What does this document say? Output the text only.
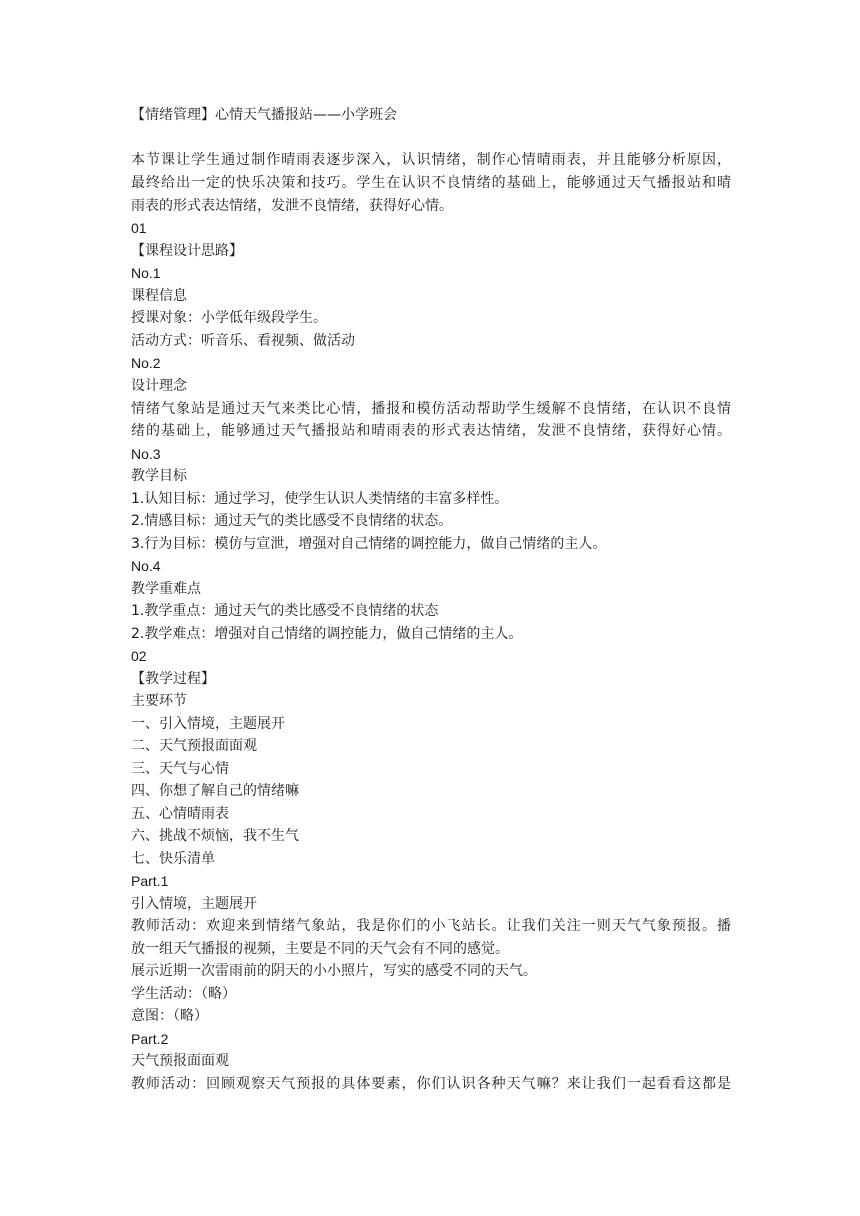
【情绪管理】心情天气播报站——小学班会
本节课让学生通过制作晴雨表逐步深入，认识情绪，制作心情晴雨表，并且能够分析原因，
最终给出一定的快乐决策和技巧。学生在认识不良情绪的基础上，能够通过天气播报站和晴
雨表的形式表达情绪，发泄不良情绪，获得好心情。
01
【课程设计思路】
No.1
课程信息
授课对象：小学低年级段学生。
活动方式：听音乐、看视频、做活动
No.2
设计理念
情绪气象站是通过天气来类比心情，播报和模仿活动帮助学生缓解不良情绪，在认识不良情
绪的基础上，能够通过天气播报站和晴雨表的形式表达情绪，发泄不良情绪，获得好心情。
No.3
教学目标
1.认知目标：通过学习，使学生认识人类情绪的丰富多样性。
2.情感目标：通过天气的类比感受不良情绪的状态。
3.行为目标：模仿与宣泄，增强对自己情绪的调控能力，做自己情绪的主人。
No.4
教学重难点
1.教学重点：通过天气的类比感受不良情绪的状态
2.教学难点：增强对自己情绪的调控能力，做自己情绪的主人。
02
【教学过程】
主要环节
一、引入情境，主题展开
二、天气预报面面观
三、天气与心情
四、你想了解自己的情绪嘛
五、心情晴雨表
六、挑战不烦恼，我不生气
七、快乐清单
Part.1
引入情境，主题展开
教师活动：欢迎来到情绪气象站，我是你们的小飞站长。让我们关注一则天气气象预报。播
放一组天气播报的视频，主要是不同的天气会有不同的感觉。
展示近期一次雷雨前的阴天的小小照片，写实的感受不同的天气。
学生活动：（略）
意图：（略）
Part.2
天气预报面面观
教师活动：回顾观察天气预报的具体要素，你们认识各种天气嘛？来让我们一起看看这都是
